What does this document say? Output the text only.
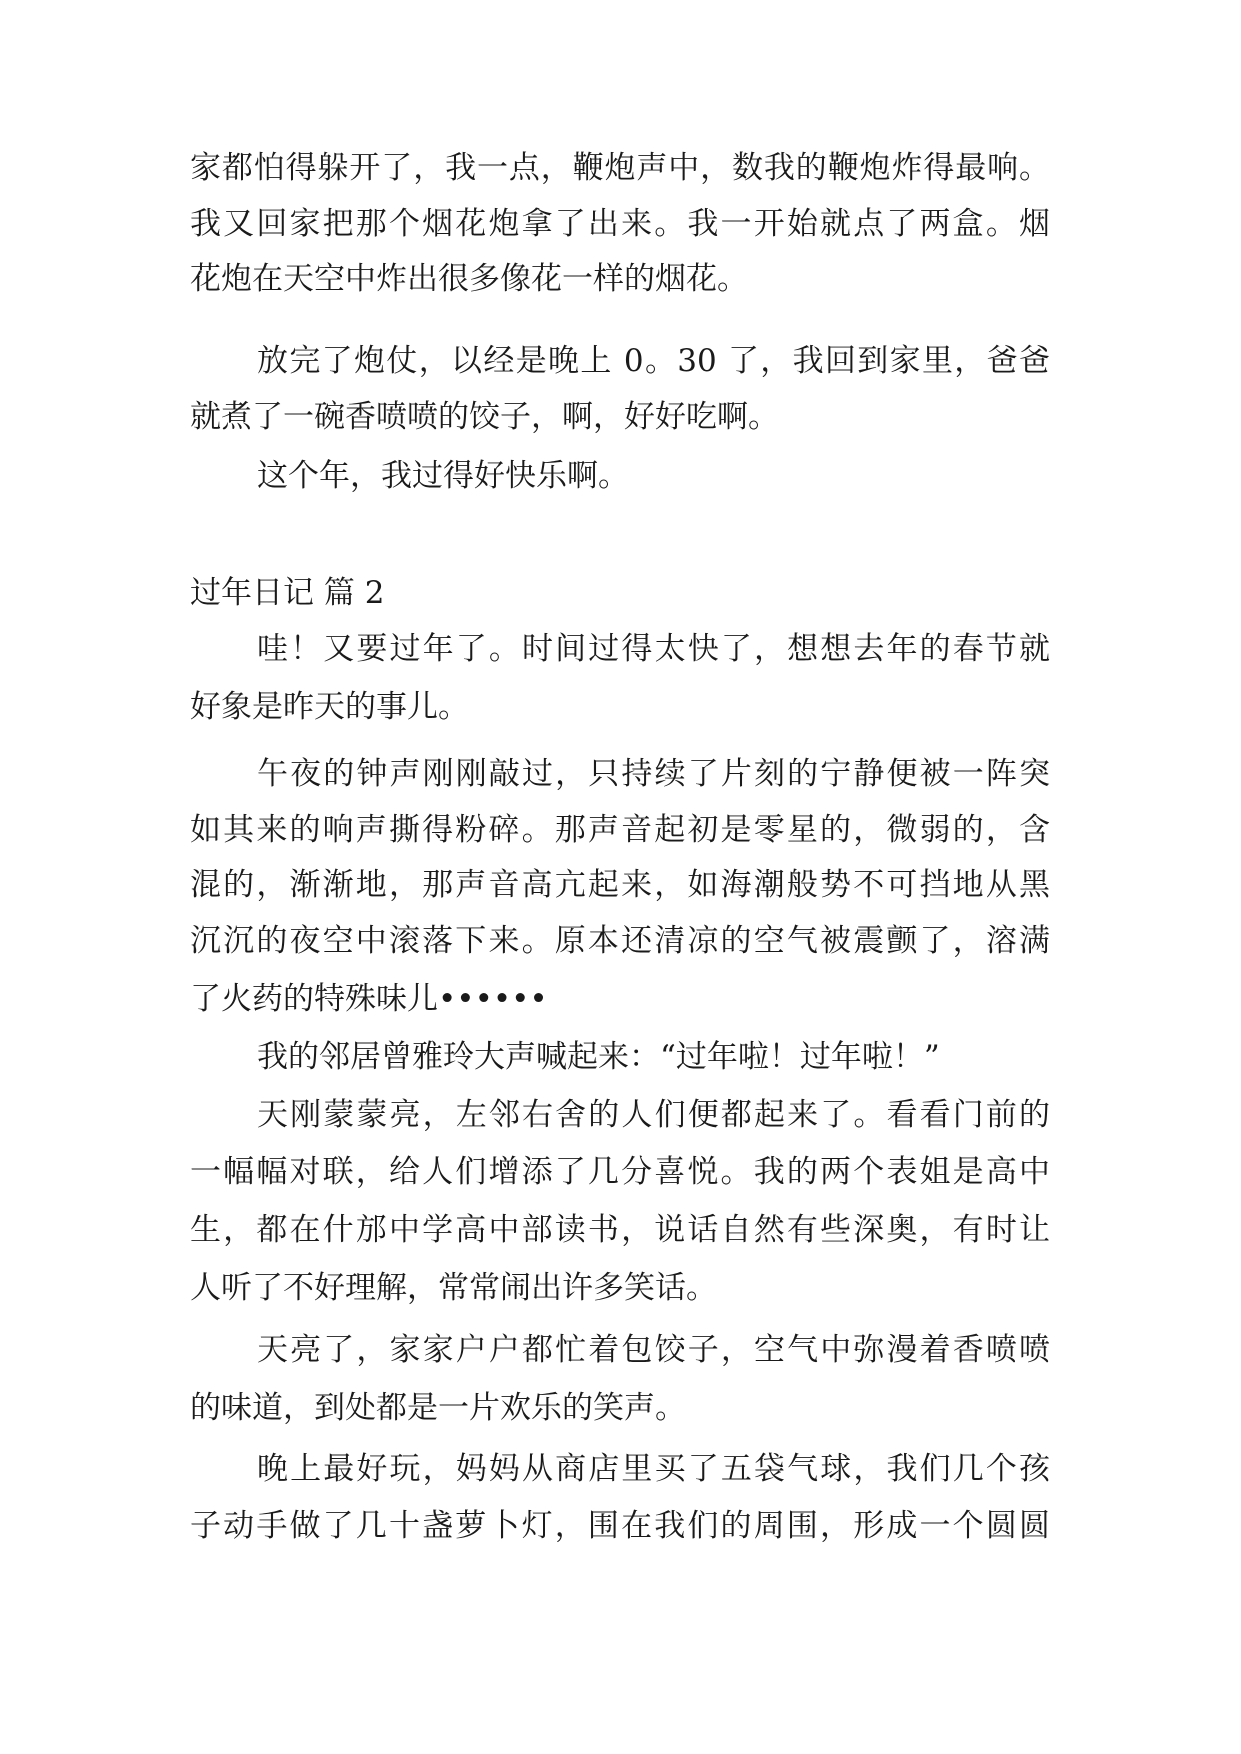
家都怕得躲开了，我一点，鞭炮声中，数我的鞭炮炸得最响。

我又回家把那个烟花炮拿了出来。我一开始就点了两盒。烟

花炮在天空中炸出很多像花一样的烟花。

放完了炮仗，以经是晚上 0。30 了，我回到家里，爸爸

就煮了一碗香喷喷的饺子，啊，好好吃啊。

这个年，我过得好快乐啊。

过年日记 篇 2

哇！又要过年了。时间过得太快了，想想去年的春节就

好象是昨天的事儿。

午夜的钟声刚刚敲过，只持续了片刻的宁静便被一阵突

如其来的响声撕得粉碎。那声音起初是零星的，微弱的，含

混的，渐渐地，那声音高亢起来，如海潮般势不可挡地从黑

沉沉的夜空中滚落下来。原本还清凉的空气被震颤了，溶满

了火药的特殊味儿••••••

我的邻居曾雅玲大声喊起来：“过年啦！过年啦！”

天刚蒙蒙亮，左邻右舍的人们便都起来了。看看门前的

一幅幅对联，给人们增添了几分喜悦。我的两个表姐是高中

生，都在什邡中学高中部读书，说话自然有些深奥，有时让

人听了不好理解，常常闹出许多笑话。

天亮了，家家户户都忙着包饺子，空气中弥漫着香喷喷

的味道，到处都是一片欢乐的笑声。

晚上最好玩，妈妈从商店里买了五袋气球，我们几个孩

子动手做了几十盏萝卜灯，围在我们的周围，形成一个圆圆
